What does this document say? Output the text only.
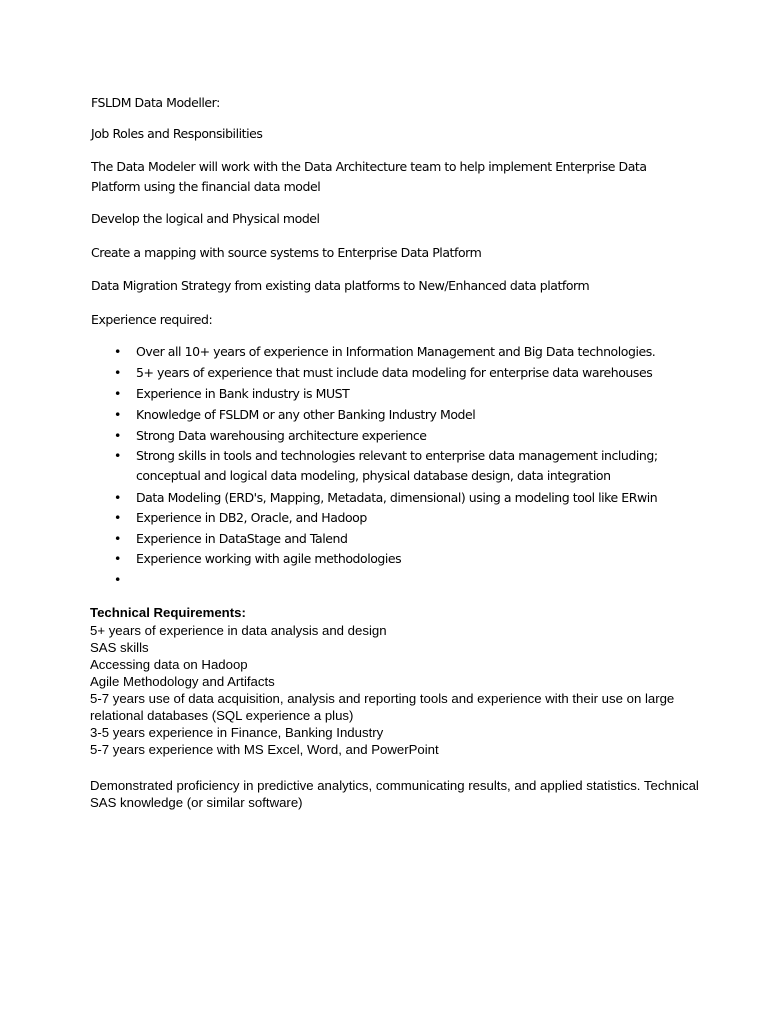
FSLDM Data Modeller:

Job Roles and Responsibilities

The Data Modeler will work with the Data Architecture team to help implement Enterprise Data

Platform using the financial data model

Develop the logical and Physical model

Create a mapping with source systems to Enterprise Data Platform

Data Migration Strategy from existing data platforms to New/Enhanced data platform

Experience required:

• Over all 10+ years of experience in Information Management and Big Data technologies.
• 5+ years of experience that must include data modeling for enterprise data warehouses
• Experience in Bank industry is MUST
• Knowledge of FSLDM or any other Banking Industry Model
• Strong Data warehousing architecture experience
• Strong skills in tools and technologies relevant to enterprise data management including;
conceptual and logical data modeling, physical database design, data integration
• Data Modeling (ERD's, Mapping, Metadata, dimensional) using a modeling tool like ERwin
• Experience in DB2, Oracle, and Hadoop
• Experience in DataStage and Talend
• Experience working with agile methodologies
•

Technical Requirements:

5+ years of experience in data analysis and design
SAS skills
Accessing data on Hadoop
Agile Methodology and Artifacts
5-7 years use of data acquisition, analysis and reporting tools and experience with their use on large
relational databases (SQL experience a plus)
3-5 years experience in Finance, Banking Industry
5-7 years experience with MS Excel, Word, and PowerPoint
Demonstrated proficiency in predictive analytics, communicating results, and applied statistics. Technical
SAS knowledge (or similar software)
